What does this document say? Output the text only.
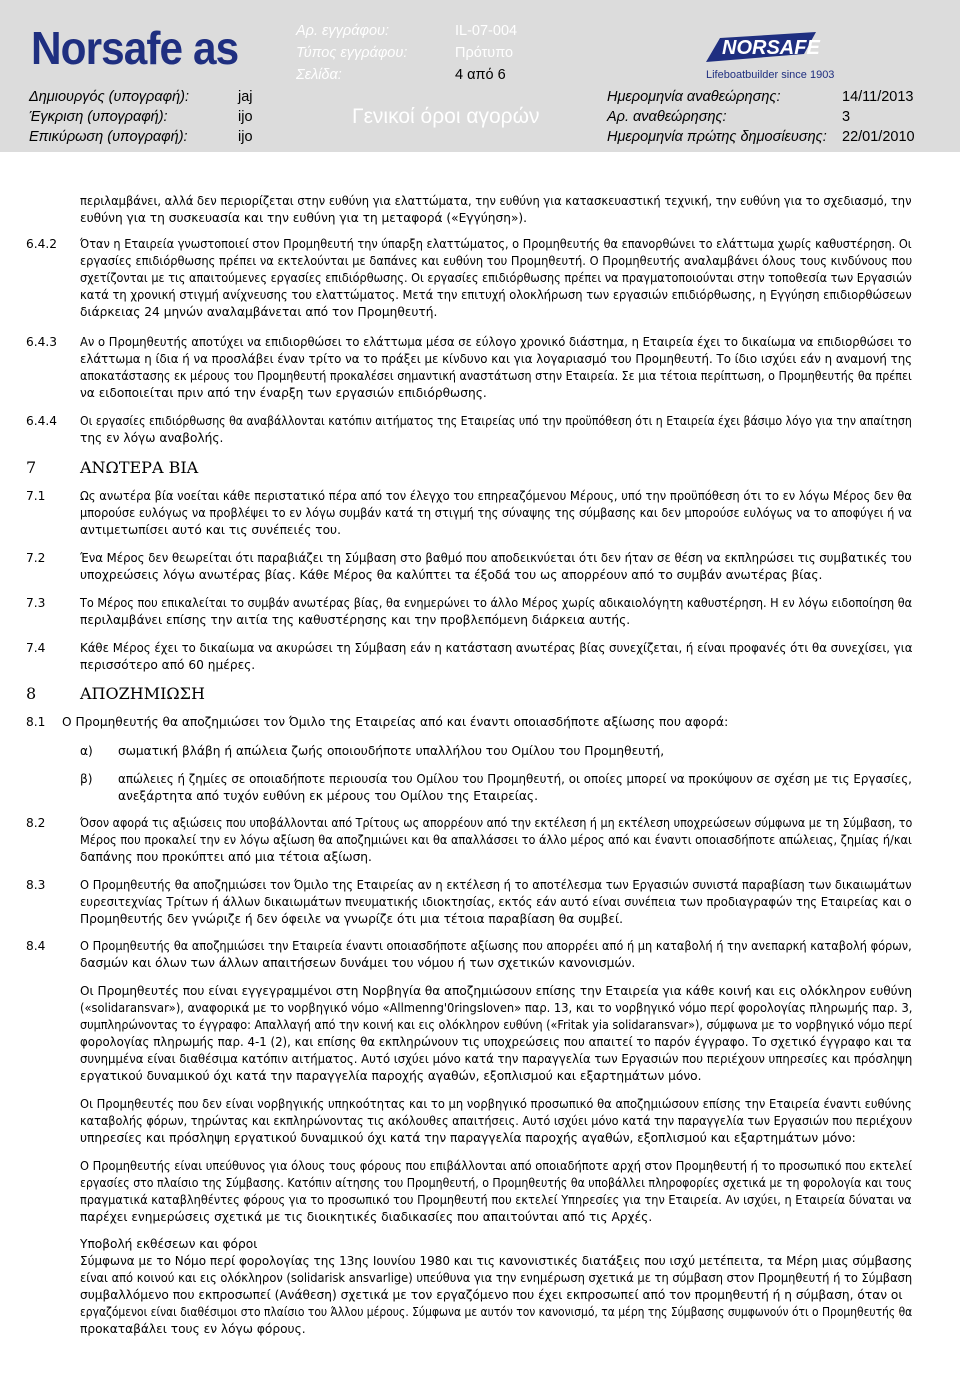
Norsafe as
Δημιουργός (υπογραφή):	jaj
Έγκριση (υπογραφή):	ijo
Επικύρωση (υπογραφή):	ijo
Αρ. εγγράφου:	IL-07-004
Τύπος εγγράφου:	Πρότυπο
Σελίδα:	4 από 6
Γενικοί όροι αγορών
NORSAFE
Lifeboatbuilder since 1903
Ημερομηνία αναθεώρησης:	14/11/2013
Αρ. αναθεώρησης:	3
Ημερομηνία πρώτης δημοσίευσης: 22/01/2010
περιλαμβάνει, αλλά δεν περιορίζεται στην ευθύνη για ελαττώματα, την ευθύνη για κατασκευαστική τεχνική, την ευθύνη για το σχεδιασμό, την
ευθύνη για τη συσκευασία και την ευθύνη για τη μεταφορά («Εγγύηση»).
6.4.2 Όταν η Εταιρεία γνωστοποιεί στον Προμηθευτή την ύπαρξη ελαττώματος, ο Προμηθευτής θα επανορθώνει το ελάττωμα χωρίς καθυστέρηση. Οι
εργασίες επιδιόρθωσης πρέπει να εκτελούνται με δαπάνες και ευθύνη του Προμηθευτή. Ο Προμηθευτής αναλαμβάνει όλους τους κινδύνους που
σχετίζονται με τις απαιτούμενες εργασίες επιδιόρθωσης. Οι εργασίες επιδιόρθωσης πρέπει να πραγματοποιούνται στην τοποθεσία των Εργασιών
κατά τη χρονική στιγμή ανίχνευσης του ελαττώματος. Μετά την επιτυχή ολοκλήρωση των εργασιών επιδιόρθωσης, η Εγγύηση επιδιορθώσεων
διάρκειας 24 μηνών αναλαμβάνεται από τον Προμηθευτή.
6.4.3 Αν ο Προμηθευτής αποτύχει να επιδιορθώσει το ελάττωμα μέσα σε εύλογο χρονικό διάστημα, η Εταιρεία έχει το δικαίωμα να επιδιορθώσει το
ελάττωμα η ίδια ή να προσλάβει έναν τρίτο να το πράξει με κίνδυνο και για λογαριασμό του Προμηθευτή. Το ίδιο ισχύει εάν η αναμονή της
αποκατάστασης εκ μέρους του Προμηθευτή προκαλέσει σημαντική αναστάτωση στην Εταιρεία. Σε μια τέτοια περίπτωση, ο Προμηθευτής θα πρέπει
να ειδοποιείται πριν από την έναρξη των εργασιών επιδιόρθωσης.
6.4.4 Οι εργασίες επιδιόρθωσης θα αναβάλλονται κατόπιν αιτήματος της Εταιρείας υπό την προϋπόθεση ότι η Εταιρεία έχει βάσιμο λόγο για την απαίτηση
της εν λόγω αναβολής.
7	ΑΝΩΤΕΡΑ ΒΙΑ
7.1	Ως ανωτέρα βία νοείται κάθε περιστατικό πέρα από τον έλεγχο του επηρεαζόμενου Μέρους, υπό την προϋπόθεση ότι το εν λόγω Μέρος δεν θα
μπορούσε ευλόγως να προβλέψει το εν λόγω συμβάν κατά τη στιγμή της σύναψης της σύμβασης και δεν μπορούσε ευλόγως να το αποφύγει ή να
αντιμετωπίσει αυτό και τις συνέπειές του.
7.2	Ένα Μέρος δεν θεωρείται ότι παραβιάζει τη Σύμβαση στο βαθμό που αποδεικνύεται ότι δεν ήταν σε θέση να εκπληρώσει τις συμβατικές του
υποχρεώσεις λόγω ανωτέρας βίας. Κάθε Μέρος θα καλύπτει τα έξοδά του ως απορρέουν από το συμβάν ανωτέρας βίας.
7.3	Το Μέρος που επικαλείται το συμβάν ανωτέρας βίας, θα ενημερώνει το άλλο Μέρος χωρίς αδικαιολόγητη καθυστέρηση. Η εν λόγω ειδοποίηση θα
περιλαμβάνει επίσης την αιτία της καθυστέρησης και την προβλεπόμενη διάρκεια αυτής.
7.4	Κάθε Μέρος έχει το δικαίωμα να ακυρώσει τη Σύμβαση εάν η κατάσταση ανωτέρας βίας συνεχίζεται, ή είναι προφανές ότι θα συνεχίσει, για
περισσότερο από 60 ημέρες.
8	ΑΠΟΖΗΜΙΩΣΗ
8.1 Ο Προμηθευτής θα αποζημιώσει τον Όμιλο της Εταιρείας από και έναντι οποιασδήποτε αξίωσης που αφορά:
α) σωματική βλάβη ή απώλεια ζωής οποιουδήποτε υπαλλήλου του Ομίλου του Προμηθευτή,
β) απώλειες ή ζημίες σε οποιαδήποτε περιουσία του Ομίλου του Προμηθευτή, οι οποίες μπορεί να προκύψουν σε σχέση με τις Εργασίες,
ανεξάρτητα από τυχόν ευθύνη εκ μέρους του Ομίλου της Εταιρείας.
8.2	Όσον αφορά τις αξιώσεις που υποβάλλονται από Τρίτους ως απορρέουν από την εκτέλεση ή μη εκτέλεση υποχρεώσεων σύμφωνα με τη Σύμβαση, το
Μέρος που προκαλεί την εν λόγω αξίωση θα αποζημιώνει και θα απαλλάσσει το άλλο μέρος από και έναντι οποιασδήποτε απώλειας, ζημίας ή/και
δαπάνης που προκύπτει από μια τέτοια αξίωση.
8.3	Ο Προμηθευτής θα αποζημιώσει τον Όμιλο της Εταιρείας αν η εκτέλεση ή το αποτέλεσμα των Εργασιών συνιστά παραβίαση των δικαιωμάτων
ευρεσιτεχνίας Τρίτων ή άλλων δικαιωμάτων πνευματικής ιδιοκτησίας, εκτός εάν αυτό είναι συνέπεια των προδιαγραφών της Εταιρείας και ο
Προμηθευτής δεν γνώριζε ή δεν όφειλε να γνωρίζε ότι μια τέτοια παραβίαση θα συμβεί.
8.4	Ο Προμηθευτής θα αποζημιώσει την Εταιρεία έναντι οποιασδήποτε αξίωσης που απορρέει από ή μη καταβολή ή την ανεπαρκή καταβολή φόρων,
δασμών και όλων των άλλων απαιτήσεων δυνάμει του νόμου ή των σχετικών κανονισμών.
Οι Προμηθευτές που είναι εγγεγραμμένοι στη Νορβηγία θα αποζημιώσουν επίσης την Εταιρεία για κάθε κοινή και εις ολόκληρον ευθύνη
(«solidaransvar»), αναφορικά με το νορβηγικό νόμο «Allmenng'0ringsloven» παρ. 13, και το νορβηγικό νόμο περί φορολογίας πληρωμής παρ. 3,
συμπληρώνοντας το έγγραφο: Απαλλαγή από την κοινή και εις ολόκληρον ευθύνη («Fritak yia solidaransvar»), σύμφωνα με το νορβηγικό νόμο περί
φορολογίας πληρωμής παρ. 4-1 (2), και επίσης θα εκπληρώνουν τις υποχρεώσεις που απαιτεί το παρόν έγγραφο. Το σχετικό έγγραφο και τα
συνημμένα είναι διαθέσιμα κατόπιν αιτήματος. Αυτό ισχύει μόνο κατά την παραγγελία των Εργασιών που περιέχουν υπηρεσίες και πρόσληψη
εργατικού δυναμικού όχι κατά την παραγγελία παροχής αγαθών, εξοπλισμού και εξαρτημάτων μόνο.
Οι Προμηθευτές που δεν είναι νορβηγικής υπηκοότητας και το μη νορβηγικό προσωπικό θα αποζημιώσουν επίσης την Εταιρεία έναντι ευθύνης
καταβολής φόρων, τηρώντας και εκπληρώνοντας τις ακόλουθες απαιτήσεις. Αυτό ισχύει μόνο κατά την παραγγελία των Εργασιών που περιέχουν
υπηρεσίες και πρόσληψη εργατικού δυναμικού όχι κατά την παραγγελία παροχής αγαθών, εξοπλισμού και εξαρτημάτων μόνο:
Ο Προμηθευτής είναι υπεύθυνος για όλους τους φόρους που επιβάλλονται από οποιαδήποτε αρχή στον Προμηθευτή ή το προσωπικό που εκτελεί
εργασίες στο πλαίσιο της Σύμβασης. Κατόπιν αίτησης του Προμηθευτή, ο Προμηθευτής θα υποβάλλει πληροφορίες σχετικά με τη φορολογία και τους
πραγματικά καταβληθέντες φόρους για το προσωπικό του Προμηθευτή που εκτελεί Υπηρεσίες για την Εταιρεία. Αν ισχύει, η Εταιρεία δύναται να
παρέχει ενημερώσεις σχετικά με τις διοικητικές διαδικασίες που απαιτούνται από τις Αρχές.
Υποβολή εκθέσεων και φόροι
Σύμφωνα με το Νόμο περί φορολογίας της 13ης Ιουνίου 1980 και τις κανονιστικές διατάξεις που ισχύ μετέπειτα, τα Μέρη μιας σύμβασης
είναι από κοινού και εις ολόκληρον (solidarisk ansvarlige) υπεύθυνα για την ενημέρωση σχετικά με τη σύμβαση στον Προμηθευτή ή το Σύμβαση
συμβαλλόμενο που εκπροσωπεί (Ανάθεση) σχετικά με τον εργαζόμενο που έχει εκπροσωπεί από τον προμηθευτή ή η σύμβαση, όταν οι
εργαζόμενοι είναι διαθέσιμοι στο πλαίσιο του Άλλου μέρους. Σύμφωνα με αυτόν τον κανονισμό, τα μέρη της Σύμβασης συμφωνούν ότι ο Προμηθευτής θα
προκαταβάλει τους εν λόγω φόρους.
